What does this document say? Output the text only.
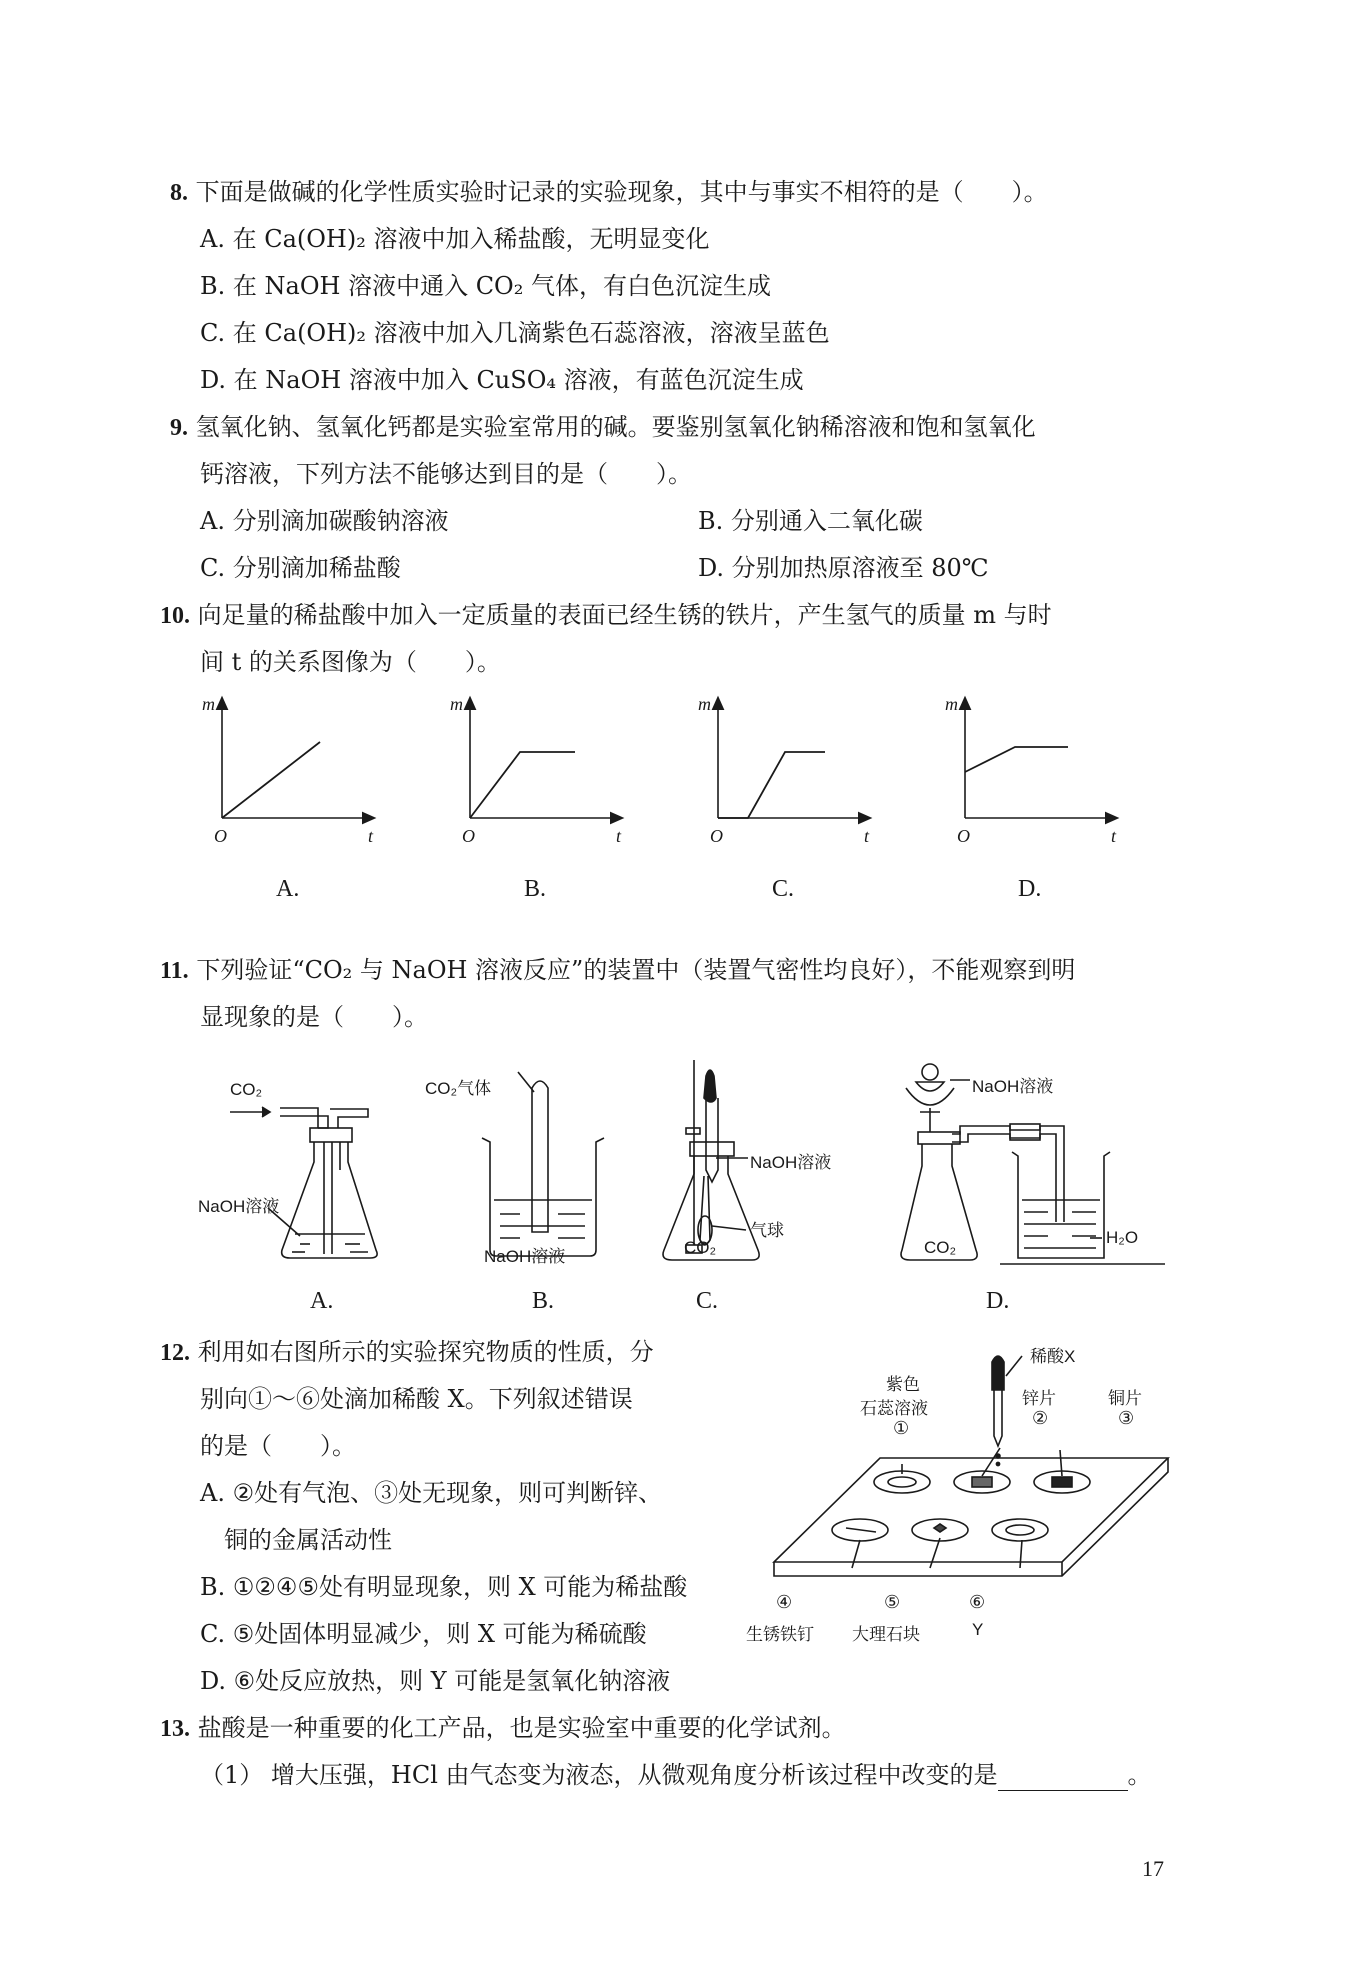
8. 下面是做碱的化学性质实验时记录的实验现象，其中与事实不相符的是（　　）。
A. 在 Ca(OH)₂ 溶液中加入稀盐酸，无明显变化
B. 在 NaOH 溶液中通入 CO₂ 气体，有白色沉淀生成
C. 在 Ca(OH)₂ 溶液中加入几滴紫色石蕊溶液，溶液呈蓝色
D. 在 NaOH 溶液中加入 CuSO₄ 溶液，有蓝色沉淀生成
9. 氢氧化钠、氢氧化钙都是实验室常用的碱。要鉴别氢氧化钠稀溶液和饱和氢氧化
钙溶液，下列方法不能够达到目的是（　　）。
A. 分别滴加碳酸钠溶液	B. 分别通入二氧化碳
C. 分别滴加稀盐酸	D. 分别加热原溶液至 80℃
10. 向足量的稀盐酸中加入一定质量的表面已经生锈的铁片，产生氢气的质量 m 与时
间 t 的关系图像为（　　）。
m
t
O
m
t
O
m
t
O
m
t
O
A.	B.	C.	D.
11. 下列验证“CO₂ 与 NaOH 溶液反应”的装置中（装置气密性均良好），不能观察到明
显现象的是（　　）。
CO₂
NaOH溶液
CO₂气体
NaOH溶液
NaOH溶液
气球
CO₂
NaOH溶液
CO₂
H₂O
A.	B.	C.	D.
12. 利用如右图所示的实验探究物质的性质，分
别向①～⑥处滴加稀酸 X。下列叙述错误
的是（　　）。
A. ②处有气泡、③处无现象，则可判断锌、
铜的金属活动性
B. ①②④⑤处有明显现象，则 X 可能为稀盐酸
C. ⑤处固体明显减少，则 X 可能为稀硫酸
D. ⑥处反应放热，则 Y 可能是氢氧化钠溶液
稀酸X
紫色
石蕊溶液
锌片	铜片
①	②	③
④	⑤	⑥
生锈铁钉 大理石块	Y
13. 盐酸是一种重要的化工产品，也是实验室中重要的化学试剂。
（1） 增大压强，HCl 由气态变为液态，从微观角度分析该过程中改变的是	。
17
